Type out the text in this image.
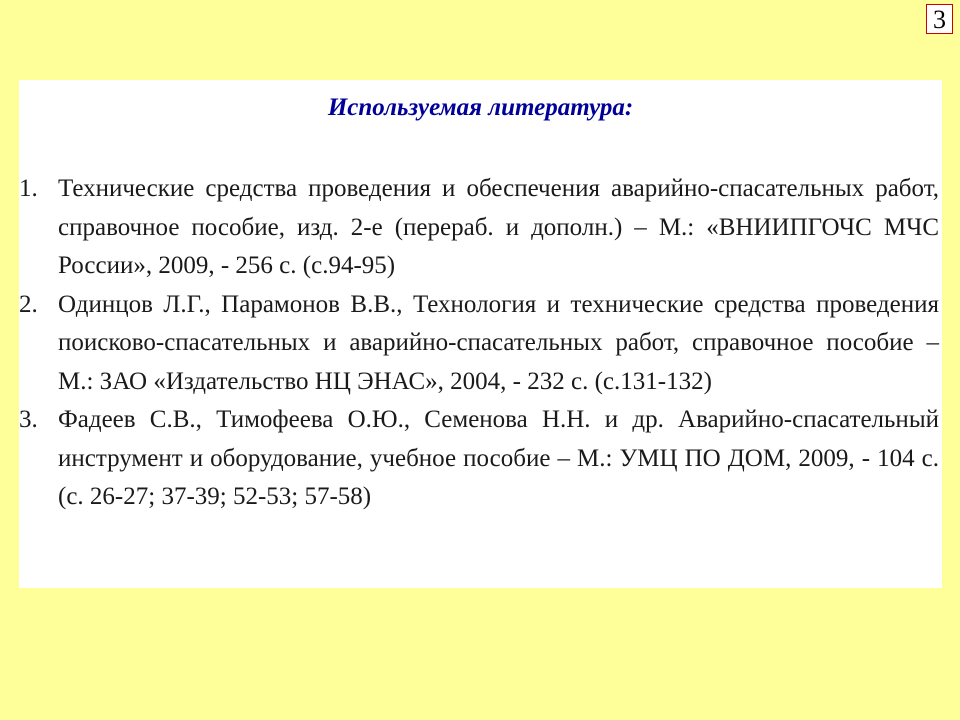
3
Используемая литература:
1. Технические средства проведения и обеспечения аварийно-спасательных работ, справочное пособие, изд. 2-е (перераб. и дополн.) – М.: «ВНИИПГОЧС МЧС России», 2009, - 256 с. (с.94-95)
2. Одинцов Л.Г., Парамонов В.В., Технология и технические средства проведения поисково-спасательных и аварийно-спасательных работ, справочное пособие – М.: ЗАО «Издательство НЦ ЭНАС», 2004, - 232 с. (с.131-132)
3. Фадеев С.В., Тимофеева О.Ю., Семенова Н.Н. и др. Аварийно-спасательный инструмент и оборудование, учебное пособие – М.: УМЦ ПО ДОМ, 2009, - 104 с. (с. 26-27; 37-39; 52-53; 57-58)
